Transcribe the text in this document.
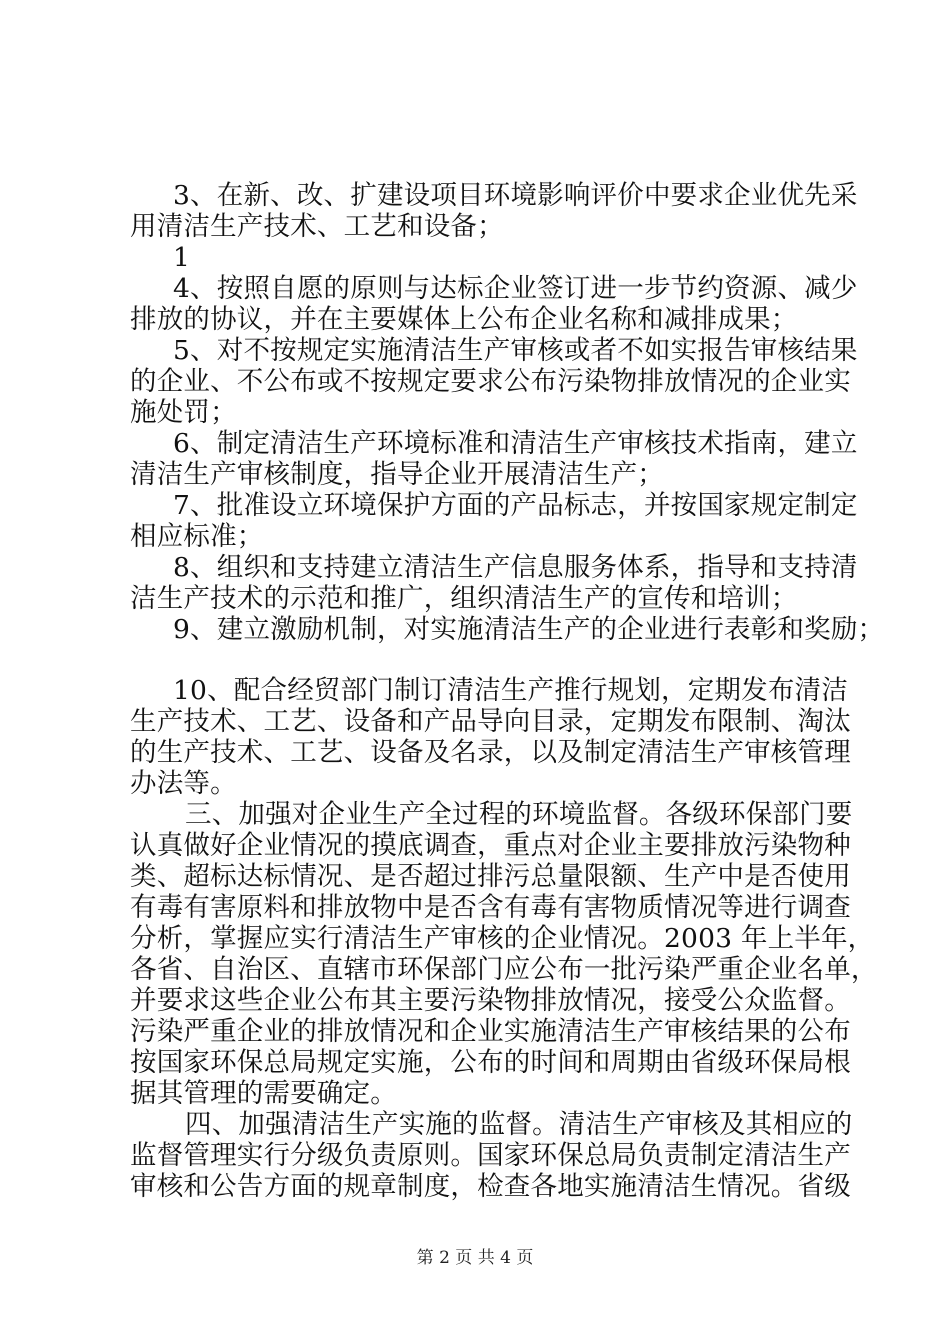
3、在新、改、扩建设项目环境影响评价中要求企业优先采
用清洁生产技术、工艺和设备；
1
4、按照自愿的原则与达标企业签订进一步节约资源、减少
排放的协议，并在主要媒体上公布企业名称和减排成果；
5、对不按规定实施清洁生产审核或者不如实报告审核结果
的企业、不公布或不按规定要求公布污染物排放情况的企业实
施处罚；
6、制定清洁生产环境标准和清洁生产审核技术指南，建立
清洁生产审核制度，指导企业开展清洁生产；
7、批准设立环境保护方面的产品标志，并按国家规定制定
相应标准；
8、组织和支持建立清洁生产信息服务体系，指导和支持清
洁生产技术的示范和推广，组织清洁生产的宣传和培训；
9、建立激励机制，对实施清洁生产的企业进行表彰和奖励；
10、配合经贸部门制订清洁生产推行规划，定期发布清洁
生产技术、工艺、设备和产品导向目录，定期发布限制、淘汰
的生产技术、工艺、设备及名录，以及制定清洁生产审核管理
办法等。
三、加强对企业生产全过程的环境监督。各级环保部门要
认真做好企业情况的摸底调查，重点对企业主要排放污染物种
类、超标达标情况、是否超过排污总量限额、生产中是否使用
有毒有害原料和排放物中是否含有毒有害物质情况等进行调查
分析，掌握应实行清洁生产审核的企业情况。2003 年上半年，
各省、自治区、直辖市环保部门应公布一批污染严重企业名单，
并要求这些企业公布其主要污染物排放情况，接受公众监督。
污染严重企业的排放情况和企业实施清洁生产审核结果的公布
按国家环保总局规定实施，公布的时间和周期由省级环保局根
据其管理的需要确定。
四、加强清洁生产实施的监督。清洁生产审核及其相应的
监督管理实行分级负责原则。国家环保总局负责制定清洁生产
审核和公告方面的规章制度，检查各地实施清洁生情况。省级
第 2 页 共 4 页
